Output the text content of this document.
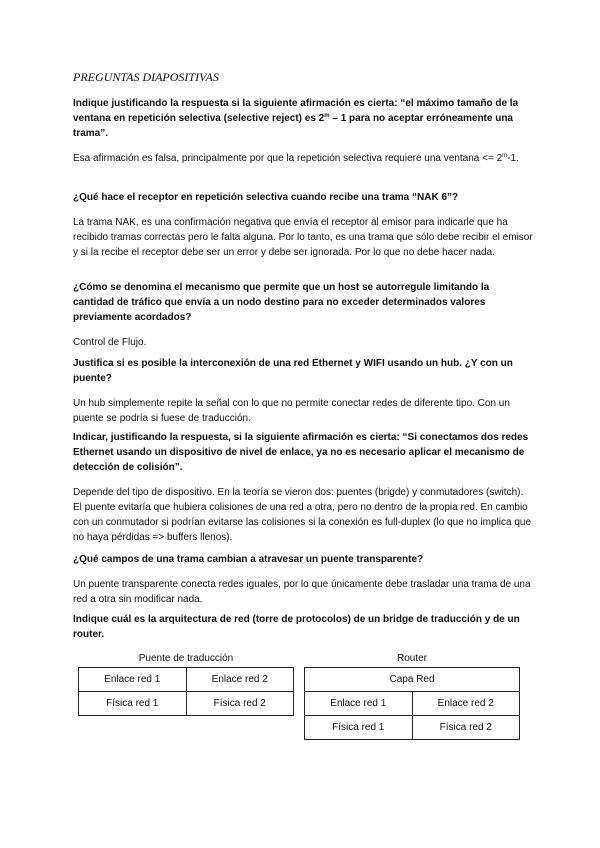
PREGUNTAS DIAPOSITIVAS

Indique justificando la respuesta si la siguiente afirmación es cierta: “el máximo tamaño de la ventana en repetición selectiva (selective reject) es 2$^m$ – 1 para no aceptar erróneamente una trama”.

Esa afirmación es falsa, principalmente por que la repetición selectiva requiere una $ventana <= 2^m-1$.

¿Qué hace el receptor en repetición selectiva cuando recibe una trama “NAK 6”?

La trama NAK, es una confirmación negativa que envía el receptor al emisor para indicarle que ha recibido tramas correctas pero le falta alguna. Por lo tanto, es una trama que sólo debe recibir el emisor y si la recibe el receptor debe ser un error y debe ser ignorada. Por lo que no debe hacer nada.

¿Cómo se denomina el mecanismo que permite que un host se autorregule limitando la cantidad de tráfico que envía a un nodo destino para no exceder determinados valores previamente acordados?

Control de Flujo.

Justifica si es posible la interconexión de una red Ethernet y WIFI usando un hub. ¿Y con un puente?

Un hub simplemente repite la señal con lo que no permite conectar redes de diferente tipo. Con un puente se podría si fuese de traducción.

Indicar, justificando la respuesta, si la siguiente afirmación es cierta: “Si conectamos dos redes Ethernet usando un dispositivo de nivel de enlace, ya no es necesario aplicar el mecanismo de detección de colisión”.

Depende del tipo de dispositivo. En la teoría se vieron dos: puentes (brigde) y conmutadores (switch). El puente evitaría que hubiera colisiones de una red a otra, pero no dentro de la propia red. En cambio con un conmutador si podrían evitarse las colisiones si la conexión es full-duplex (lo que no implica que no haya pérdidas => buffers llenos).

¿Qué campos de una trama cambian a atravesar un puente transparente?

Un puente transparente conecta redes iguales, por lo que únicamente debe trasladar una trama de una red a otra sin modificar nada.

Indique cuál es la arquitectura de red (torre de protocolos) de un bridge de traducción y de un router.

Puente de traducción
Enlace red 1	Enlace red 2
Física red 1	Física red 2
Router
Capa Red	
Enlace red 1	Enlace red 2
Física red 1	Física red 2
